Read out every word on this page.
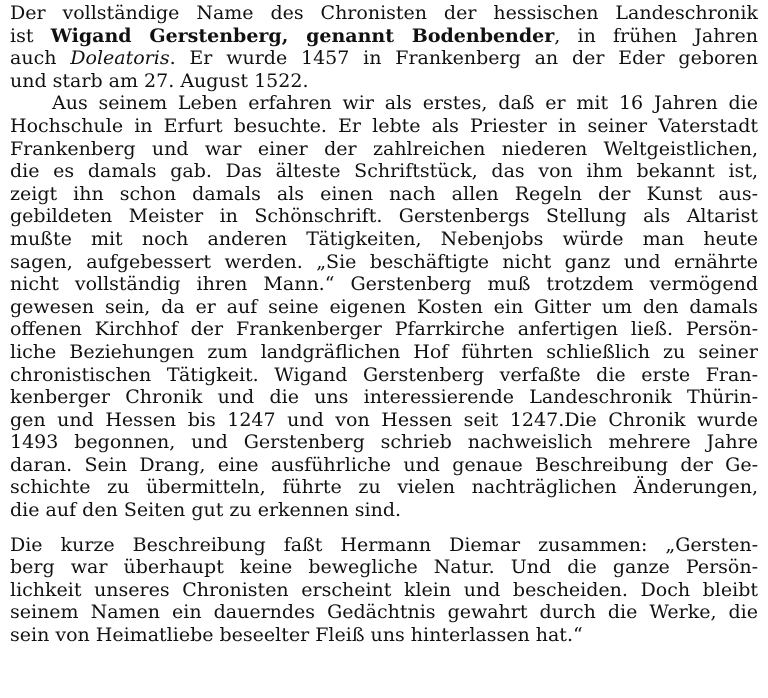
Der vollständige Name des Chronisten der hessischen Landeschronik
ist Wigand Gerstenberg, genannt Bodenbender, in frühen Jahren
auch Doleatoris. Er wurde 1457 in Frankenberg an der Eder geboren
und starb am 27. August 1522.
Aus seinem Leben erfahren wir als erstes, daß er mit 16 Jahren die
Hochschule in Erfurt besuchte. Er lebte als Priester in seiner Vaterstadt
Frankenberg und war einer der zahlreichen niederen Weltgeistlichen,
die es damals gab. Das älteste Schriftstück, das von ihm bekannt ist,
zeigt ihn schon damals als einen nach allen Regeln der Kunst aus-
gebildeten Meister in Schönschrift. Gerstenbergs Stellung als Altarist
mußte mit noch anderen Tätigkeiten, Nebenjobs würde man heute
sagen, aufgebessert werden. „Sie beschäftigte nicht ganz und ernährte
nicht vollständig ihren Mann.“ Gerstenberg muß trotzdem vermögend
gewesen sein, da er auf seine eigenen Kosten ein Gitter um den damals
offenen Kirchhof der Frankenberger Pfarrkirche anfertigen ließ. Persön-
liche Beziehungen zum landgräflichen Hof führten schließlich zu seiner
chronistischen Tätigkeit. Wigand Gerstenberg verfaßte die erste Fran-
kenberger Chronik und die uns interessierende Landeschronik Thürin-
gen und Hessen bis 1247 und von Hessen seit 1247.Die Chronik wurde
1493 begonnen, und Gerstenberg schrieb nachweislich mehrere Jahre
daran. Sein Drang, eine ausführliche und genaue Beschreibung der Ge-
schichte zu übermitteln, führte zu vielen nachträglichen Änderungen,
die auf den Seiten gut zu erkennen sind.
Die kurze Beschreibung faßt Hermann Diemar zusammen: „Gersten-
berg war überhaupt keine bewegliche Natur. Und die ganze Persön-
lichkeit unseres Chronisten erscheint klein und bescheiden. Doch bleibt
seinem Namen ein dauerndes Gedächtnis gewahrt durch die Werke, die
sein von Heimatliebe beseelter Fleiß uns hinterlassen hat.“
